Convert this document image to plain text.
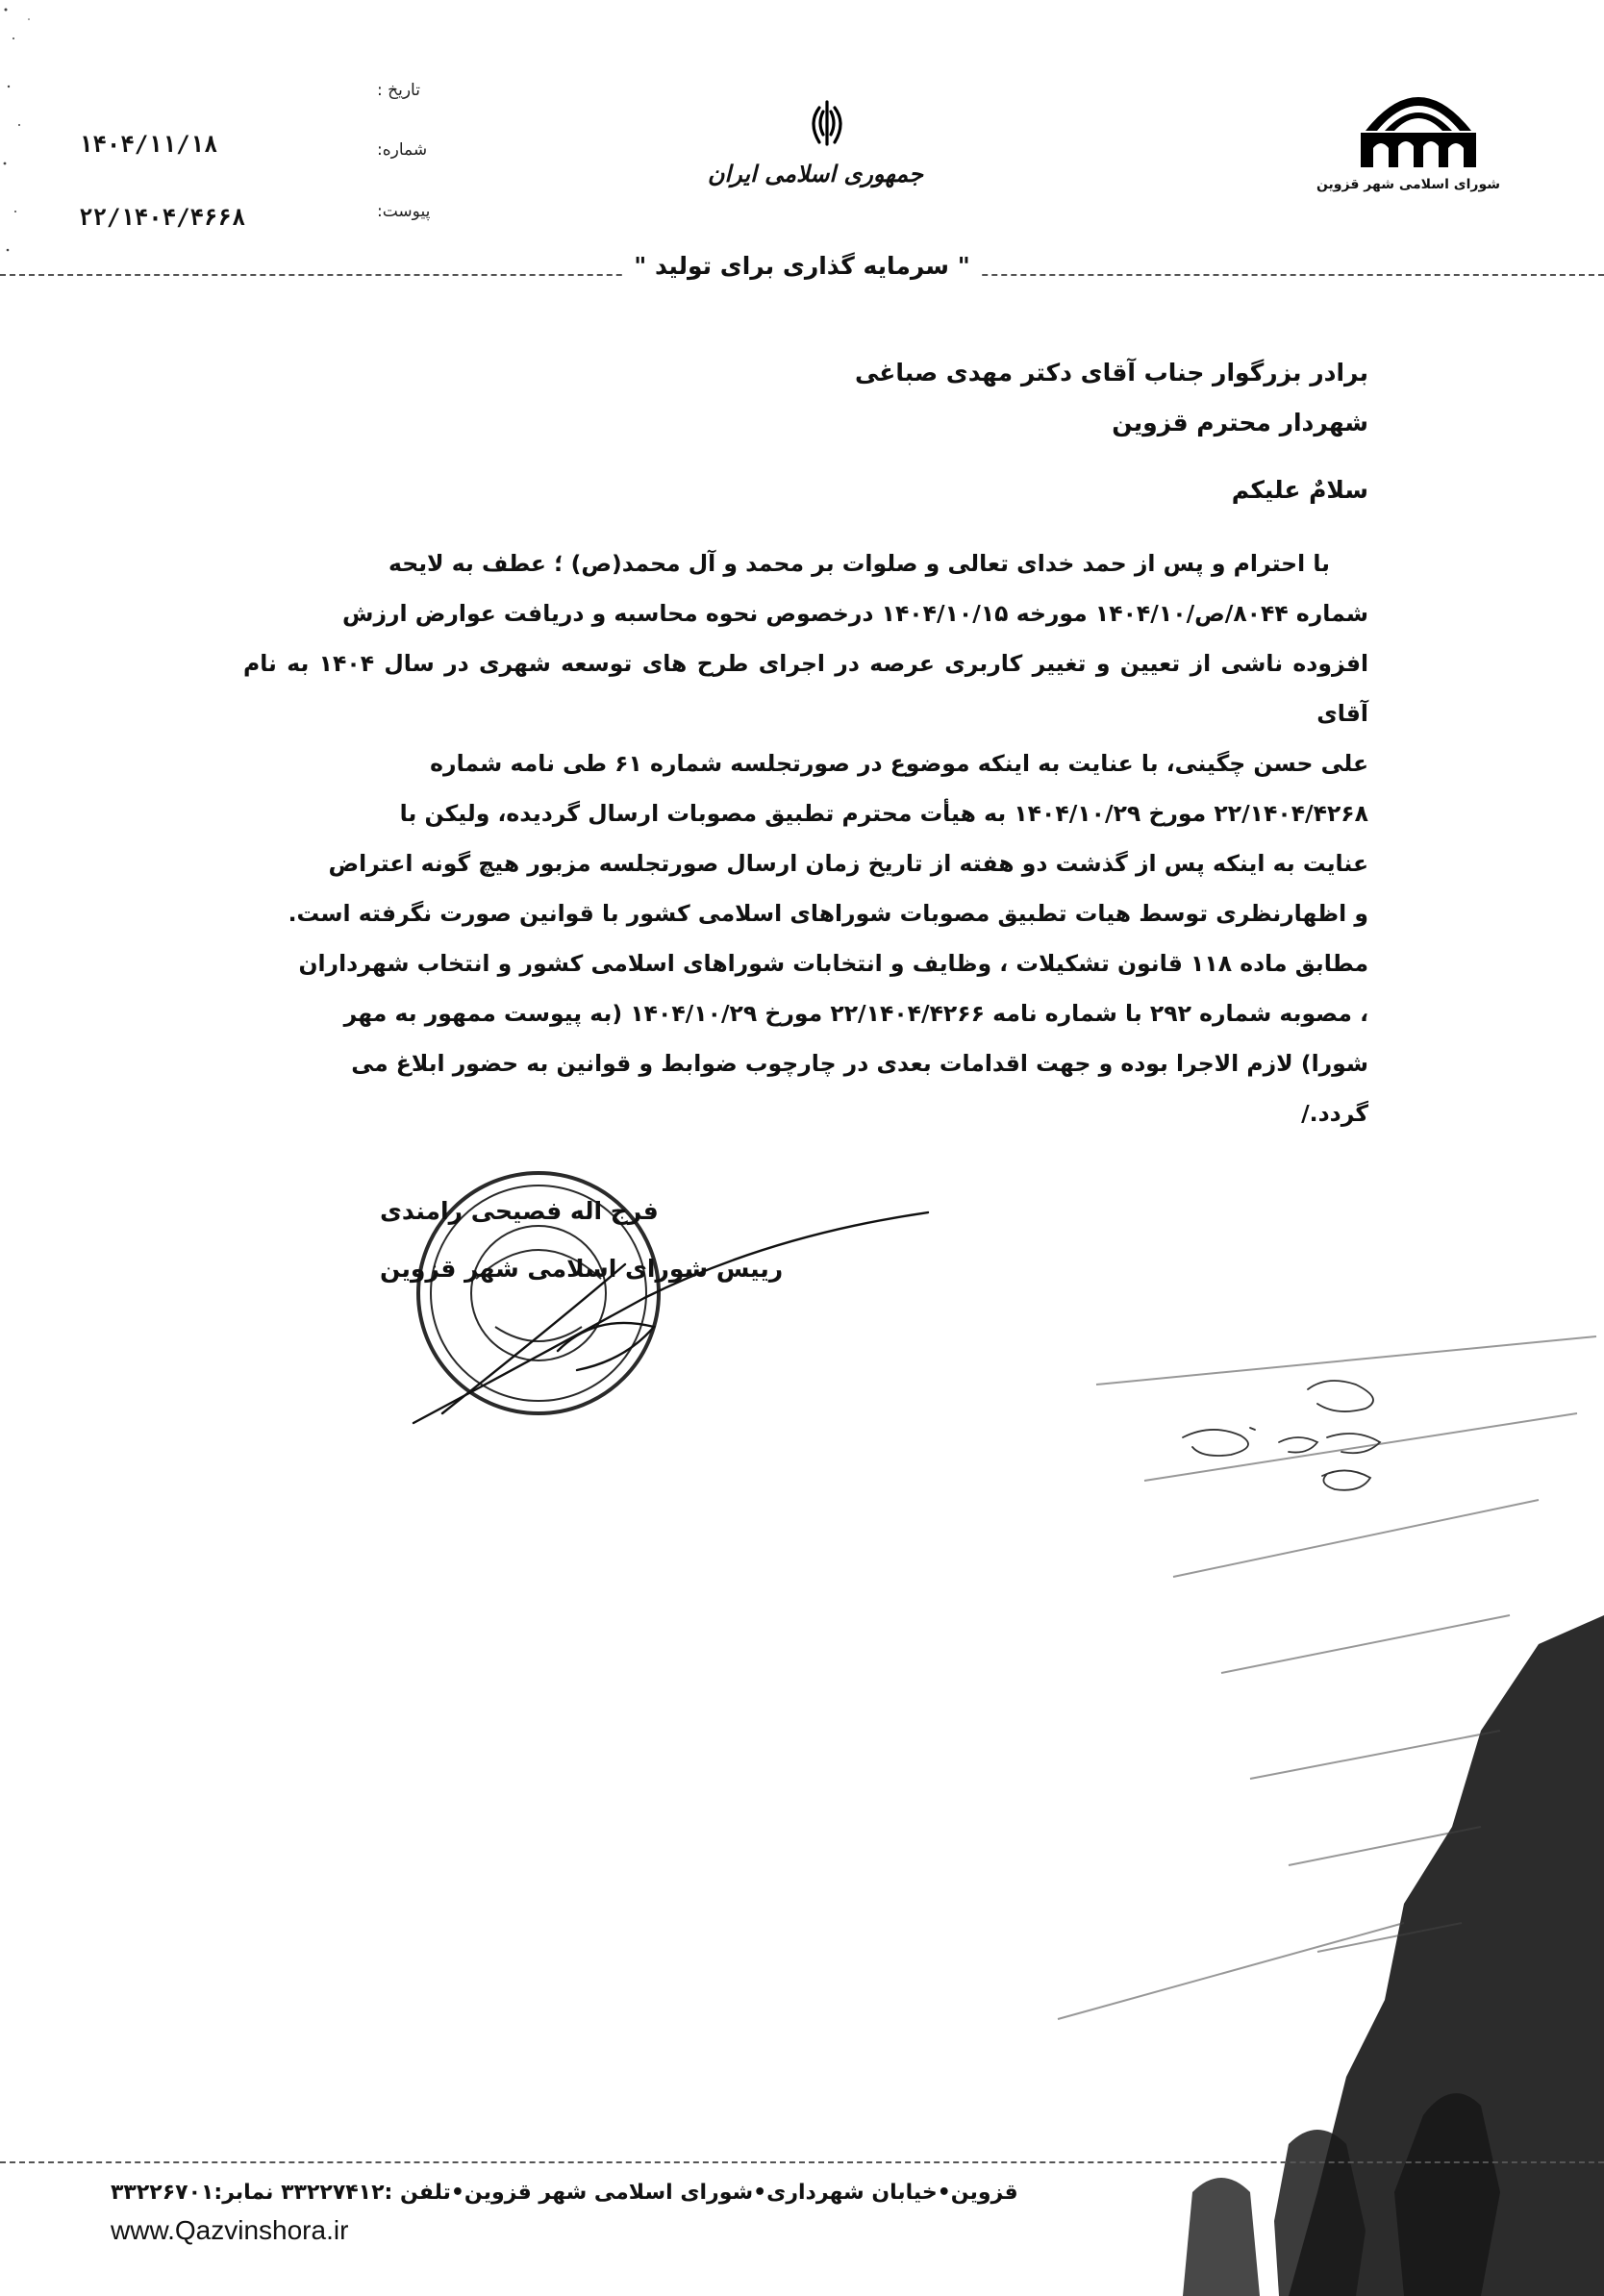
شورای اسلامی شهر قزوین
جمهوری اسلامی ایران
تاریخ :
شماره:
پیوست:
۱۴۰۴/۱۱/۱۸
۲۲/۱۴۰۴/۴۶۶۸
" سرمایه گذاری برای تولید "
برادر بزرگوار جناب آقای دکتر مهدی صباغی
شهردار محترم قزوین
سلامٌ علیکم
با احترام و پس از حمد خدای تعالی و صلوات بر محمد و آل محمد(ص) ؛ عطف به لایحه
شماره ۸۰۴۴/ص/۱۴۰۴/۱۰ مورخه ۱۴۰۴/۱۰/۱۵ درخصوص نحوه محاسبه و دریافت عوارض ارزش
افزوده ناشی از تعیین و تغییر کاربری عرصه در اجرای طرح های توسعه شهری در سال ۱۴۰۴ به نام آقای
علی حسن چگینی، با عنایت به اینکه موضوع در صورتجلسه شماره ۶۱ طی نامه شماره
۲۲/۱۴۰۴/۴۲۶۸ مورخ ۱۴۰۴/۱۰/۲۹ به هیأت محترم تطبیق مصوبات ارسال گردیده، ولیکن با
عنایت به اینکه پس از گذشت دو هفته از تاریخ زمان ارسال صورتجلسه مزبور هیچ گونه اعتراض
و اظهارنظری توسط هیات تطبیق مصوبات شوراهای اسلامی کشور با قوانین صورت نگرفته است.
مطابق ماده ۱۱۸ قانون تشکیلات ، وظایف و انتخابات شوراهای اسلامی کشور و انتخاب شهرداران
، مصوبه شماره ۲۹۲ با شماره نامه ۲۲/۱۴۰۴/۴۲۶۶ مورخ ۱۴۰۴/۱۰/۲۹ (به پیوست ممهور به مهر
شورا) لازم الاجرا بوده و جهت اقدامات بعدی در چارچوب ضوابط و قوانین به حضور ابلاغ می
گردد./
فرج اله فصیحی رامندی
رییس شورای اسلامی شهر قزوین
قزوین•خیابان شهرداری•شورای اسلامی شهر قزوین•تلفن :۳۳۲۲۷۴۱۲ نمابر:۳۳۲۲۶۷۰۱
www.Qazvinshora.ir
